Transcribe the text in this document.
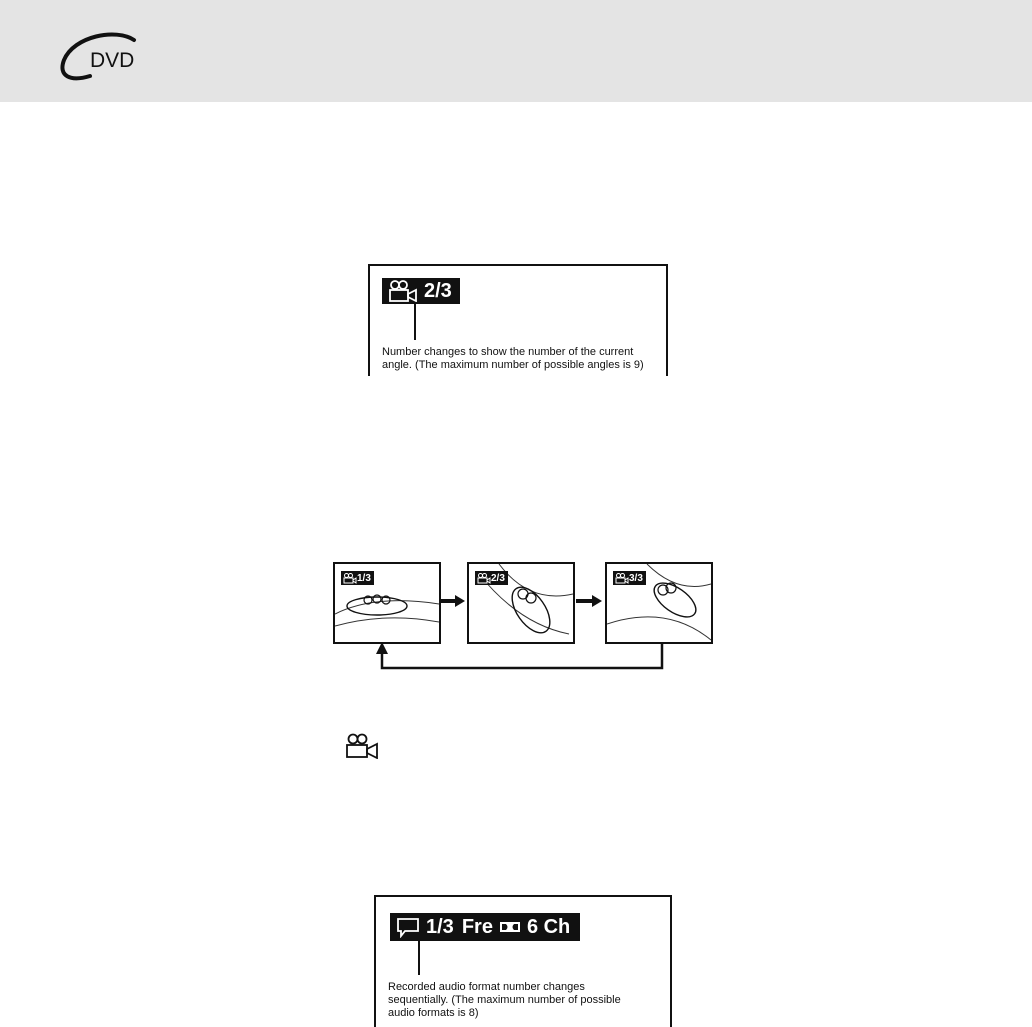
DVD
2/3
Number changes to show the number of the current
angle. (The maximum number of possible angles is 9)
1/3	2/3	3/3
1/3 Fre 6 Ch
Recorded audio format number changes
sequentially. (The maximum number of possible
audio formats is 8)
